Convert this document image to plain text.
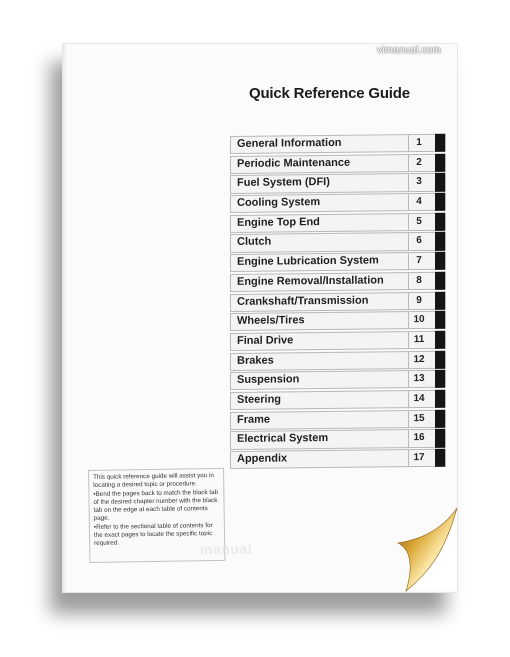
vimanual.com
Quick Reference Guide
General Information	1
Periodic Maintenance	2
Fuel System (DFI)	3
Cooling System	4
Engine Top End	5
Clutch	6
Engine Lubrication System	7
Engine Removal/Installation	8
Crankshaft/Transmission	9
Wheels/Tires	10
Final Drive	11
Brakes	12
Suspension	13
Steering	14
Frame	15
Electrical System	16
Appendix	17

This quick reference guide will assist you in locating a desired topic or procedure.

•Bend the pages back to match the black tab of the desired chapter number with the black tab on the edge at each table of contents page.

•Refer to the sectional table of contents for the exact pages to locate the specific topic required.	manual
